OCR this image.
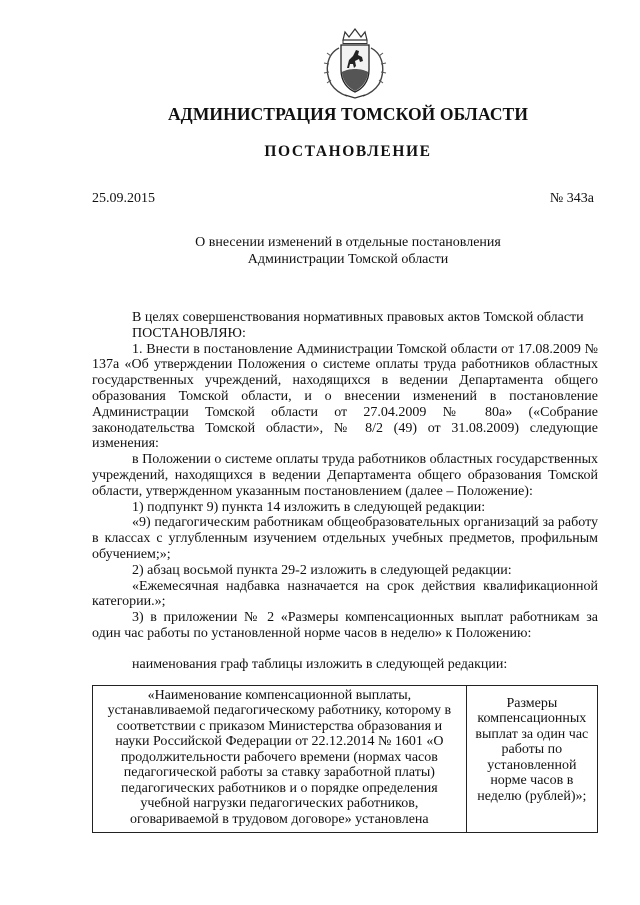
АДМИНИСТРАЦИЯ ТОМСКОЙ ОБЛАСТИ
ПОСТАНОВЛЕНИЕ
25.09.2015	№ 343а
О внесении изменений в отдельные постановления
Администрации Томской области

В целях совершенствования нормативных правовых актов Томской области

ПОСТАНОВЛЯЮ:

1. Внести в постановление Администрации Томской области от 17.08.2009 № 137а «Об утверждении Положения о системе оплаты труда работников областных государственных учреждений, находящихся в ведении Департамента общего образования Томской области, и о внесении изменений в постановление Администрации Томской области от 27.04.2009 № 80а» («Собрание законодательства Томской области», № 8/2 (49) от 31.08.2009) следующие изменения:

в Положении о системе оплаты труда работников областных государственных учреждений, находящихся в ведении Департамента общего образования Томской области, утвержденном указанным постановлением (далее – Положение):

1) подпункт 9) пункта 14 изложить в следующей редакции:

«9) педагогическим работникам общеобразовательных организаций за работу в классах с углубленным изучением отдельных учебных предметов, профильным обучением;»;

2) абзац восьмой пункта 29-2 изложить в следующей редакции:

«Ежемесячная надбавка назначается на срок действия квалификационной категории.»;

3) в приложении № 2 «Размеры компенсационных выплат работникам за один час работы по установленной норме часов в неделю» к Положению:

наименования граф таблицы изложить в следующей редакции:

«Наименование компенсационной выплаты, устанавливаемой педагогическому работнику, которому в соответствии с приказом Министерства образования и науки Российской Федерации от 22.12.2014 № 1601 «О продолжительности рабочего времени (нормах часов педагогической работы за ставку заработной платы) педагогических работников и о порядке определения учебной нагрузки педагогических работников, оговариваемой в трудовом договоре» установлена	Размеры компенсационных выплат за один час работы по установленной норме часов в неделю (рублей)»;
